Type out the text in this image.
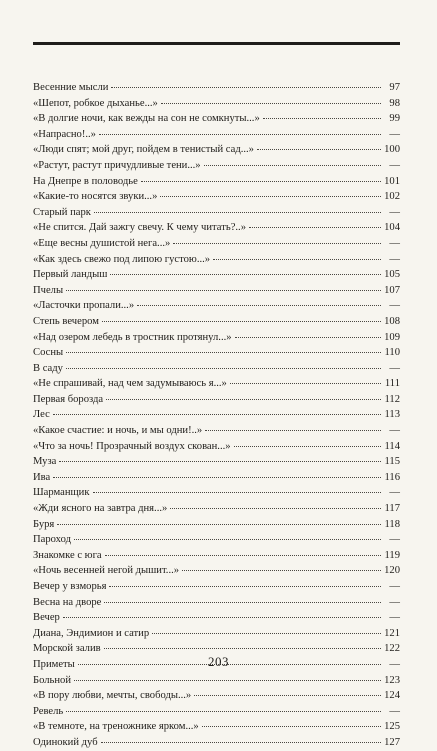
Весенние мысли	97
«Шепот, робкое дыханье...»	98
«В долгие ночи, как вежды на сон не сомкнуты...»	99
«Напрасно!..»	—
«Люди спят; мой друг, пойдем в тенистый сад...»	100
«Растут, растут причудливые тени...»	—
На Днепре в половодье	101
«Какие-то носятся звуки...»	102
Старый парк	—
«Не спится. Дай зажгу свечу. К чему читать?..»	104
«Еще весны душистой нега...»	—
«Как здесь свежо под липою густою...»	—
Первый ландыш	105
Пчелы	107
«Ласточки пропали...»	—
Степь вечером	108
«Над озером лебедь в тростник протянул...»	109
Сосны	110
В саду	—
«Не спрашивай, над чем задумываюсь я...»	111
Первая борозда	112
Лес	113
«Какое счастие: и ночь, и мы одни!..»	—
«Что за ночь! Прозрачный воздух скован...»	114
Муза	115
Ива	116
Шарманщик	—
«Жди ясного на завтра дня...»	117
Буря	118
Пароход	—
Знакомке с юга	119
«Ночь весенней негой дышит...»	120
Вечер у взморья	—
Весна на дворе	—
Вечер	—
Диана, Эндимион и сатир	121
Морской залив	122
Приметы	—
Больной	123
«В пору любви, мечты, свободы...»	124
Ревель	—
«В темноте, на треножнике ярком...»	125
Одинокий дуб	127
203
